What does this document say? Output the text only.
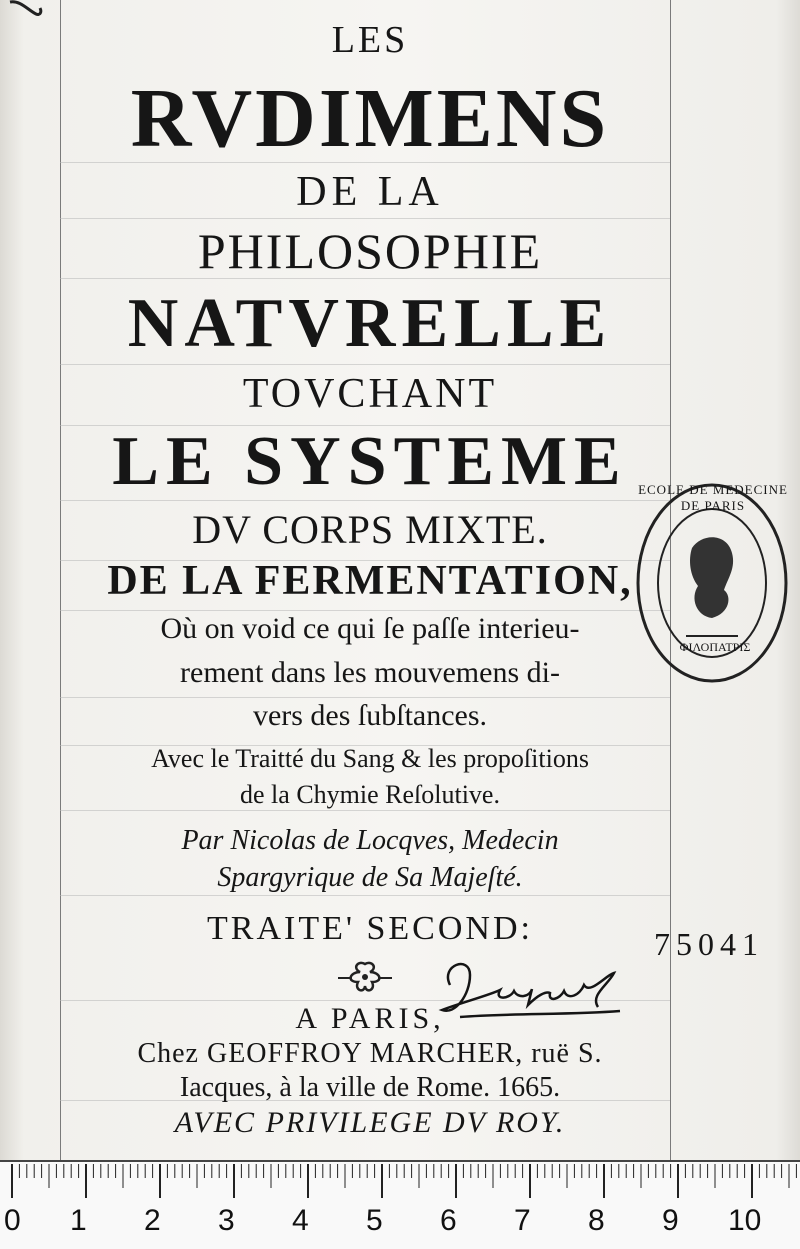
LES
RVDIMENS
DE LA
PHILOSOPHIE
NATVRELLE
TOVCHANT
LE SYSTEME
DV CORPS MIXTE.
DE LA FERMENTATION,
Où on void ce qui ſe paſſe interieu-
rement dans les mouvemens di-
vers des ſubſtances.
Avec le Traitté du Sang & les propoſitions
de la Chymie Reſolutive.
Par Nicolas de Locqves, Medecin
Spargyrique de Sa Majeſté.
TRAITE' SECOND:
A PARIS,
Chez GEOFFROY MARCHER, ruë S.
Iacques, à la ville de Rome. 1665.
AVEC PRIVILEGE DV ROY.
ECOLE DE MEDECINE DE PARIS
ΦΙΛΟΠΑΤΡΙΣ
75041
0 1 2 3 4 5 6 7 8 9 10
